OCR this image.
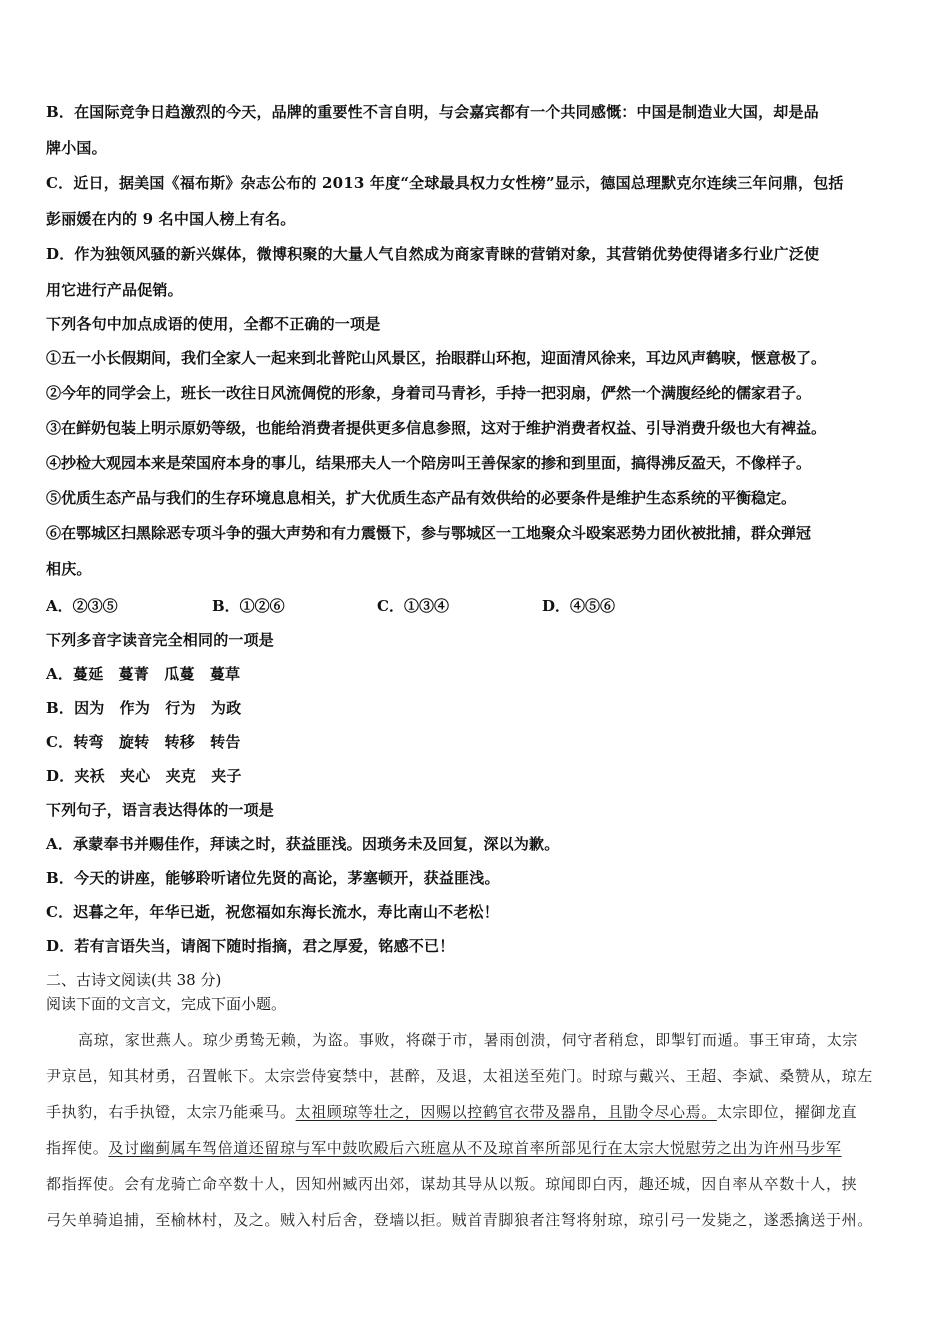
B．在国际竞争日趋激烈的今天，品牌的重要性不言自明，与会嘉宾都有一个共同感慨：中国是制造业大国，却是品
牌小国。
C．近日，据美国《福布斯》杂志公布的 2013 年度“全球最具权力女性榜”显示，德国总理默克尔连续三年问鼎，包括
彭丽媛在内的 9 名中国人榜上有名。
D．作为独领风骚的新兴媒体，微博积聚的大量人气自然成为商家青睐的营销对象，其营销优势使得诸多行业广泛使
用它进行产品促销。
下列各句中加点成语的使用，全都不正确的一项是
①五一小长假期间，我们全家人一起来到北普陀山风景区，抬眼群山环抱，迎面清风徐来，耳边风声鹤唳，惬意极了。
②今年的同学会上，班长一改往日风流倜傥的形象，身着司马青衫，手持一把羽扇，俨然一个满腹经纶的儒家君子。
③在鲜奶包装上明示原奶等级，也能给消费者提供更多信息参照，这对于维护消费者权益、引导消费升级也大有裨益。
④抄检大观园本来是荣国府本身的事儿，结果邢夫人一个陪房叫王善保家的掺和到里面，搞得沸反盈天，不像样子。
⑤优质生态产品与我们的生存环境息息相关，扩大优质生态产品有效供给的必要条件是维护生态系统的平衡稳定。
⑥在鄂城区扫黑除恶专项斗争的强大声势和有力震慑下，参与鄂城区一工地聚众斗殴案恶势力团伙被批捕，群众弹冠
相庆。
A．②③⑤	B．①②⑥	C．①③④	D．④⑤⑥
下列多音字读音完全相同的一项是
A．蔓延　蔓菁　瓜蔓　蔓草
B．因为　作为　行为　为政
C．转弯　旋转　转移　转告
D．夹袄　夹心　夹克　夹子
下列句子，语言表达得体的一项是
A．承蒙奉书并赐佳作，拜读之时，获益匪浅。因琐务未及回复，深以为歉。
B．今天的讲座，能够聆听诸位先贤的高论，茅塞顿开，获益匪浅。
C．迟暮之年，年华已逝，祝您福如东海长流水，寿比南山不老松！
D．若有言语失当，请阁下随时指摘，君之厚爱，铭感不已！
二、古诗文阅读(共 38 分)
阅读下面的文言文，完成下面小题。
高琼，家世燕人。琼少勇鸷无赖，为盗。事败，将磔于市，暑雨创溃，伺守者稍怠，即掣钉而遁。事王审琦，太宗
尹京邑，知其材勇，召置帐下。太宗尝侍宴禁中，甚醉，及退，太祖送至苑门。时琼与戴兴、王超、李斌、桑赞从，琼左
手执豹，右手执镫，太宗乃能乘马。太祖顾琼等壮之，因赐以控鹤官衣带及器帛，且勖令尽心焉。太宗即位，擢御龙直
指挥使。及讨幽蓟属车驾倍道还留琼与军中鼓吹殿后六班扈从不及琼首率所部见行在太宗大悦慰劳之出为许州马步军
都指挥使。会有龙骑亡命卒数十人，因知州臧丙出郊，谋劫其导从以叛。琼闻即白丙，趣还城，因自率从卒数十人，挟
弓矢单骑追捕，至榆林村，及之。贼入村后舍，登墙以拒。贼首青脚狼者注弩将射琼，琼引弓一发毙之，遂悉擒送于州。
